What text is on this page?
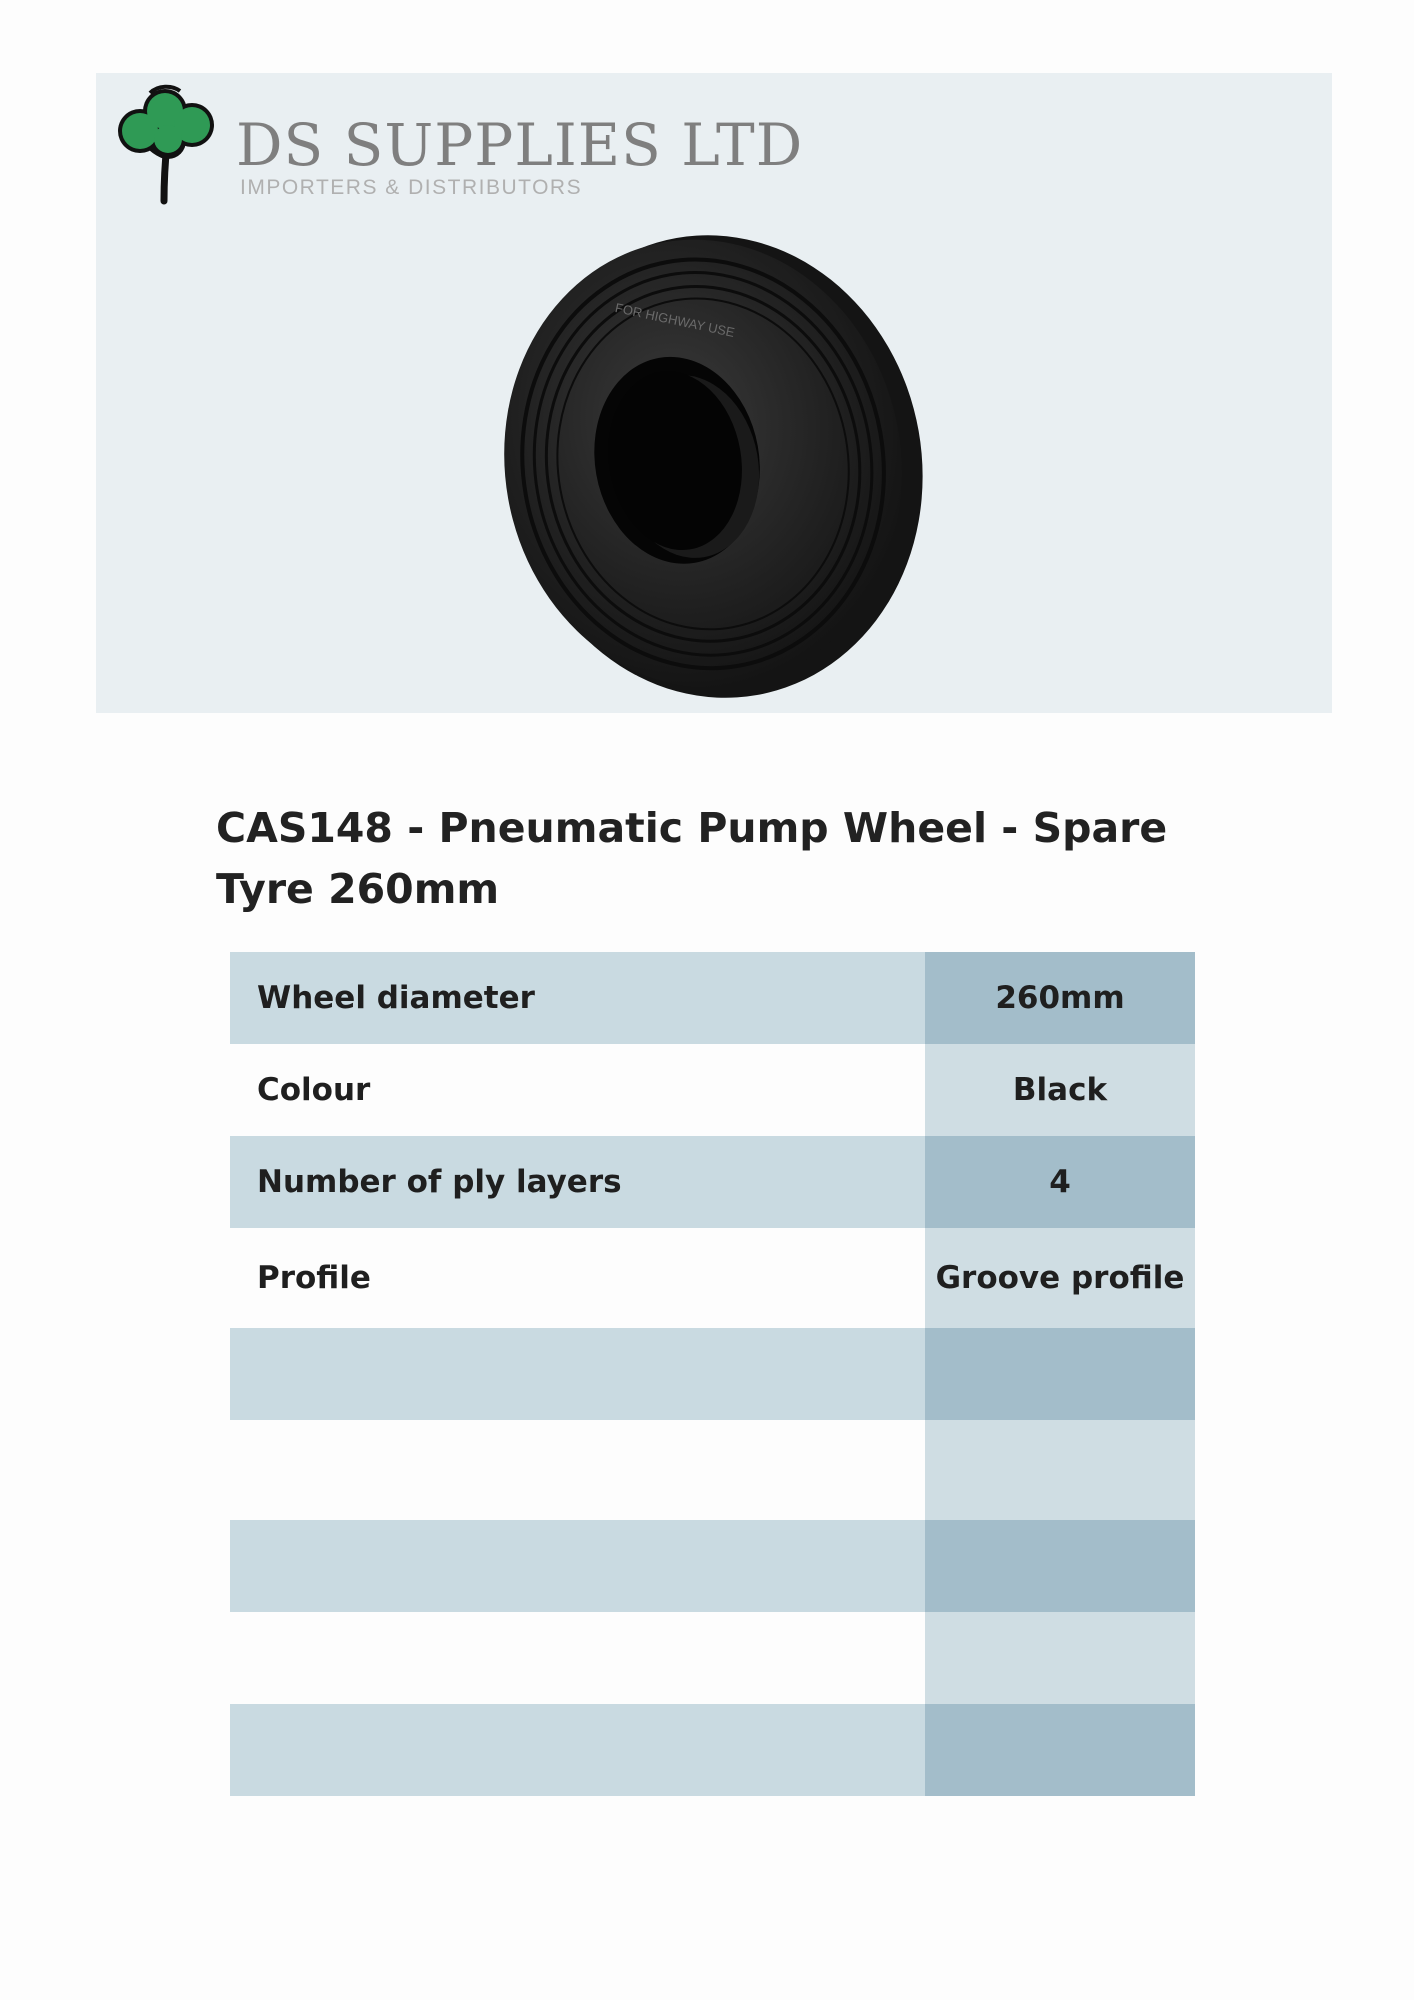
DS SUPPLIES LTD
IMPORTERS & DISTRIBUTORS
FOR HIGHWAY USE
CAS148 - Pneumatic Pump Wheel - Spare Tyre 260mm
Wheel diameter	260mm
Colour	Black
Number of ply layers	4
Profile	Groove profile
